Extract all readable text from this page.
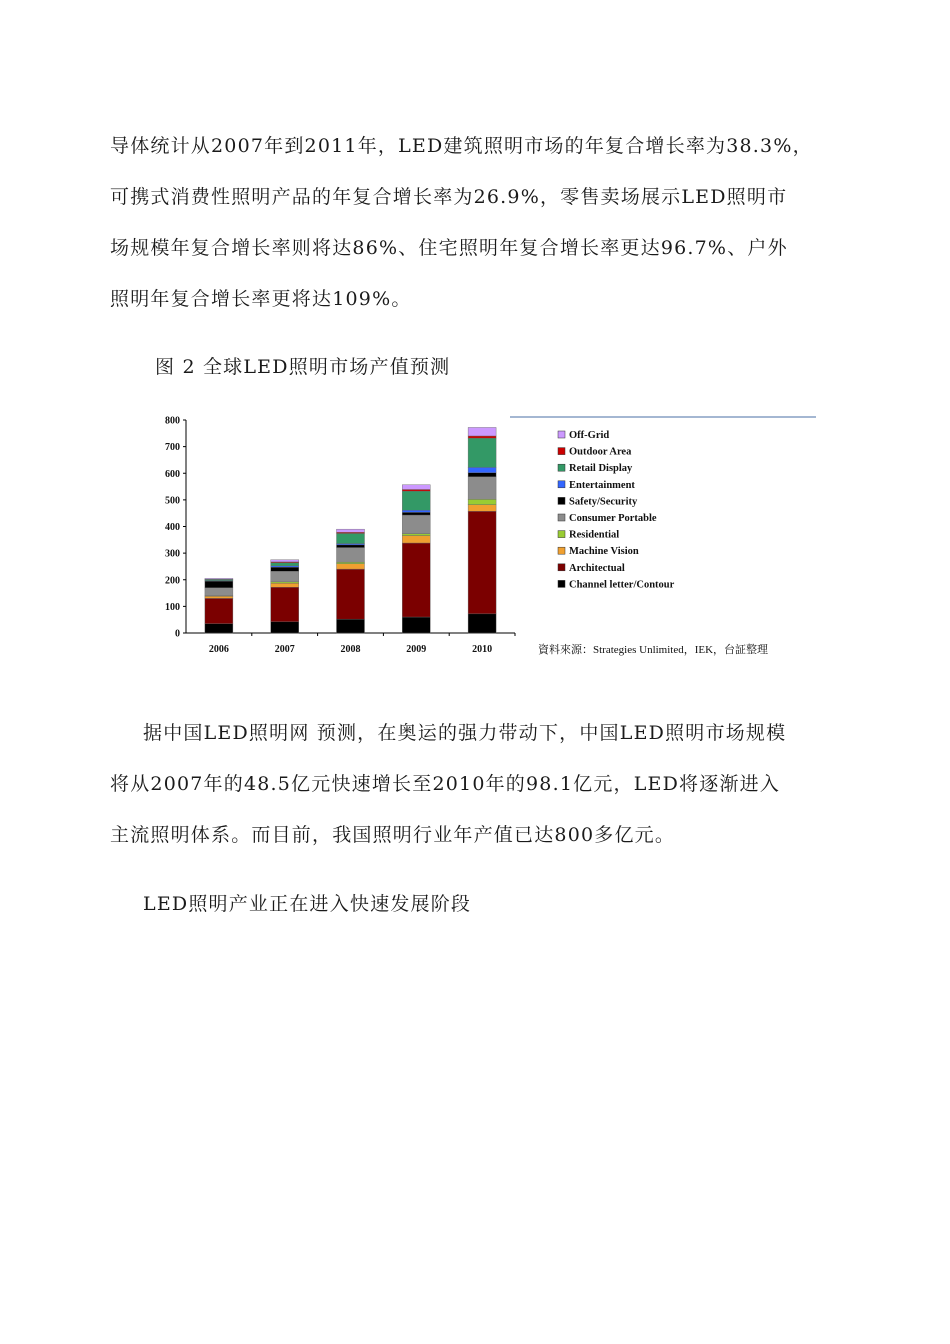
导体统计从2007年到2011年，LED建筑照明市场的年复合增长率为38.3%，
可携式消费性照明产品的年复合增长率为26.9%，零售卖场展示LED照明市
场规模年复合增长率则将达86%、住宅照明年复合增长率更达96.7%、户外
照明年复合增长率更将达109%。

图 2 全球LED照明市场产值预测

0
100
200
300
400
500
600
700
800
2006	2007	2008	2009	2010
Off-Grid
Outdoor Area
Retail Display
Entertainment
Safety/Security
Consumer Portable
Residential
Machine Vision
Architectual
Channel letter/Contour
資料來源：Strategies Unlimited，IEK，台証整理
据中国LED照明网 预测，在奥运的强力带动下，中国LED照明市场规模
将从2007年的48.5亿元快速增长至2010年的98.1亿元，LED将逐渐进入
主流照明体系。而目前，我国照明行业年产值已达800多亿元。

LED照明产业正在进入快速发展阶段
